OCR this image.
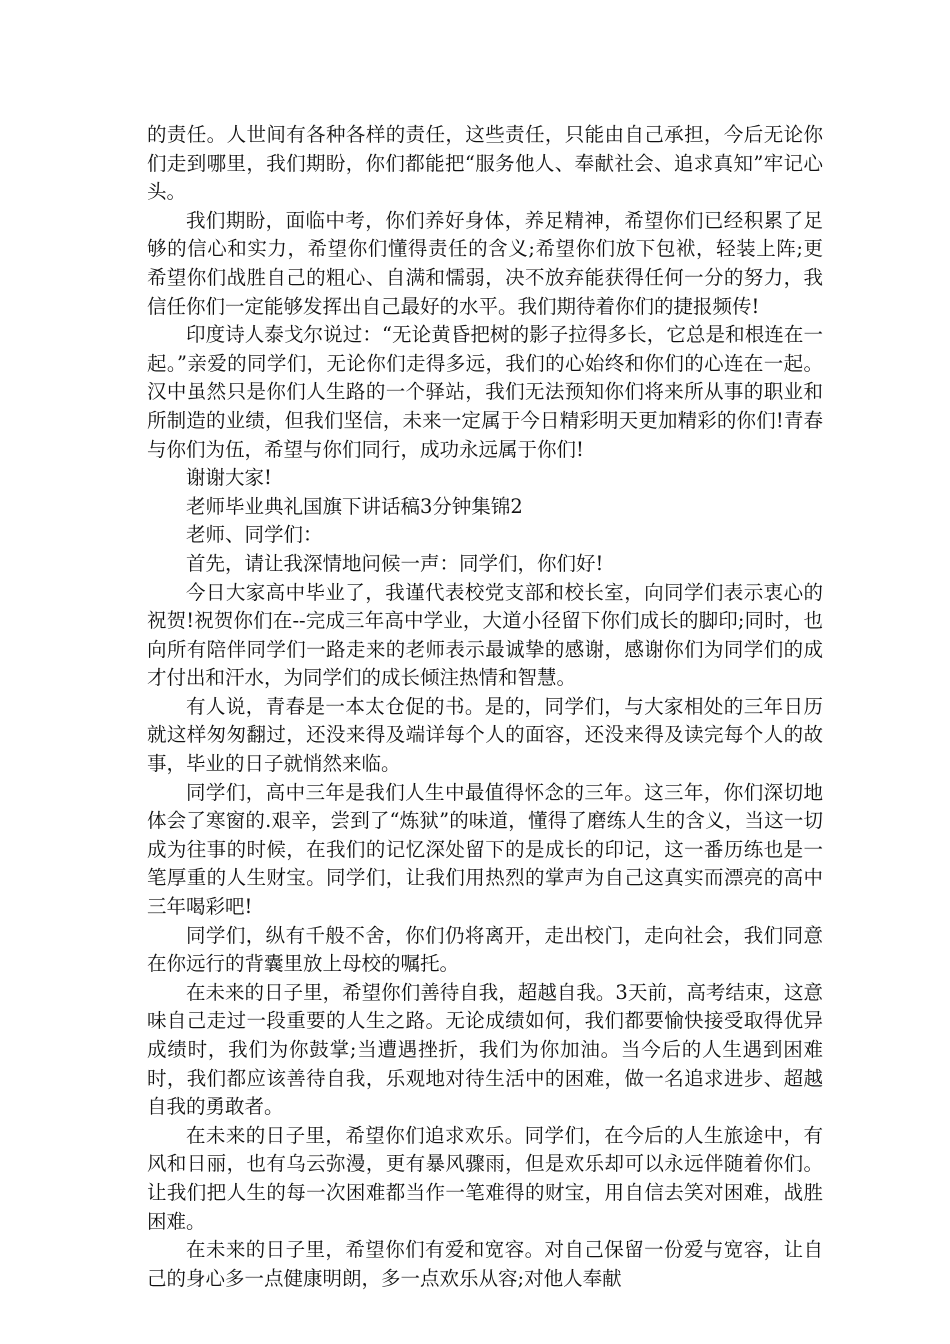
的责任。人世间有各种各样的责任，这些责任，只能由自己承担，今后无论你们走到哪里，我们期盼，你们都能把“服务他人、奉献社会、追求真知”牢记心头。

我们期盼，面临中考，你们养好身体，养足精神，希望你们已经积累了足够的信心和实力，希望你们懂得责任的含义;希望你们放下包袱，轻装上阵;更希望你们战胜自己的粗心、自满和懦弱，决不放弃能获得任何一分的努力，我信任你们一定能够发挥出自己最好的水平。我们期待着你们的捷报频传!

印度诗人泰戈尔说过：“无论黄昏把树的影子拉得多长，它总是和根连在一起。”亲爱的同学们，无论你们走得多远，我们的心始终和你们的心连在一起。汉中虽然只是你们人生路的一个驿站，我们无法预知你们将来所从事的职业和所制造的业绩，但我们坚信，未来一定属于今日精彩明天更加精彩的你们!青春与你们为伍，希望与你们同行，成功永远属于你们!

谢谢大家!

老师毕业典礼国旗下讲话稿3分钟集锦2

老师、同学们：

首先，请让我深情地问候一声：同学们，你们好!

今日大家高中毕业了，我谨代表校党支部和校长室，向同学们表示衷心的祝贺!祝贺你们在--完成三年高中学业，大道小径留下你们成长的脚印;同时，也向所有陪伴同学们一路走来的老师表示最诚挚的感谢，感谢你们为同学们的成才付出和汗水，为同学们的成长倾注热情和智慧。

有人说，青春是一本太仓促的书。是的，同学们，与大家相处的三年日历就这样匆匆翻过，还没来得及端详每个人的面容，还没来得及读完每个人的故事，毕业的日子就悄然来临。

同学们，高中三年是我们人生中最值得怀念的三年。这三年，你们深切地体会了寒窗的.艰辛，尝到了“炼狱”的味道，懂得了磨练人生的含义，当这一切成为往事的时候，在我们的记忆深处留下的是成长的印记，这一番历练也是一笔厚重的人生财宝。同学们，让我们用热烈的掌声为自己这真实而漂亮的高中三年喝彩吧!

同学们，纵有千般不舍，你们仍将离开，走出校门，走向社会，我们同意在你远行的背囊里放上母校的嘱托。

在未来的日子里，希望你们善待自我，超越自我。3天前，高考结束，这意味自己走过一段重要的人生之路。无论成绩如何，我们都要愉快接受取得优异成绩时，我们为你鼓掌;当遭遇挫折，我们为你加油。当今后的人生遇到困难时，我们都应该善待自我，乐观地对待生活中的困难，做一名追求进步、超越自我的勇敢者。

在未来的日子里，希望你们追求欢乐。同学们，在今后的人生旅途中，有风和日丽，也有乌云弥漫，更有暴风骤雨，但是欢乐却可以永远伴随着你们。让我们把人生的每一次困难都当作一笔难得的财宝，用自信去笑对困难，战胜困难。

在未来的日子里，希望你们有爱和宽容。对自己保留一份爱与宽容，让自己的身心多一点健康明朗，多一点欢乐从容;对他人奉献
